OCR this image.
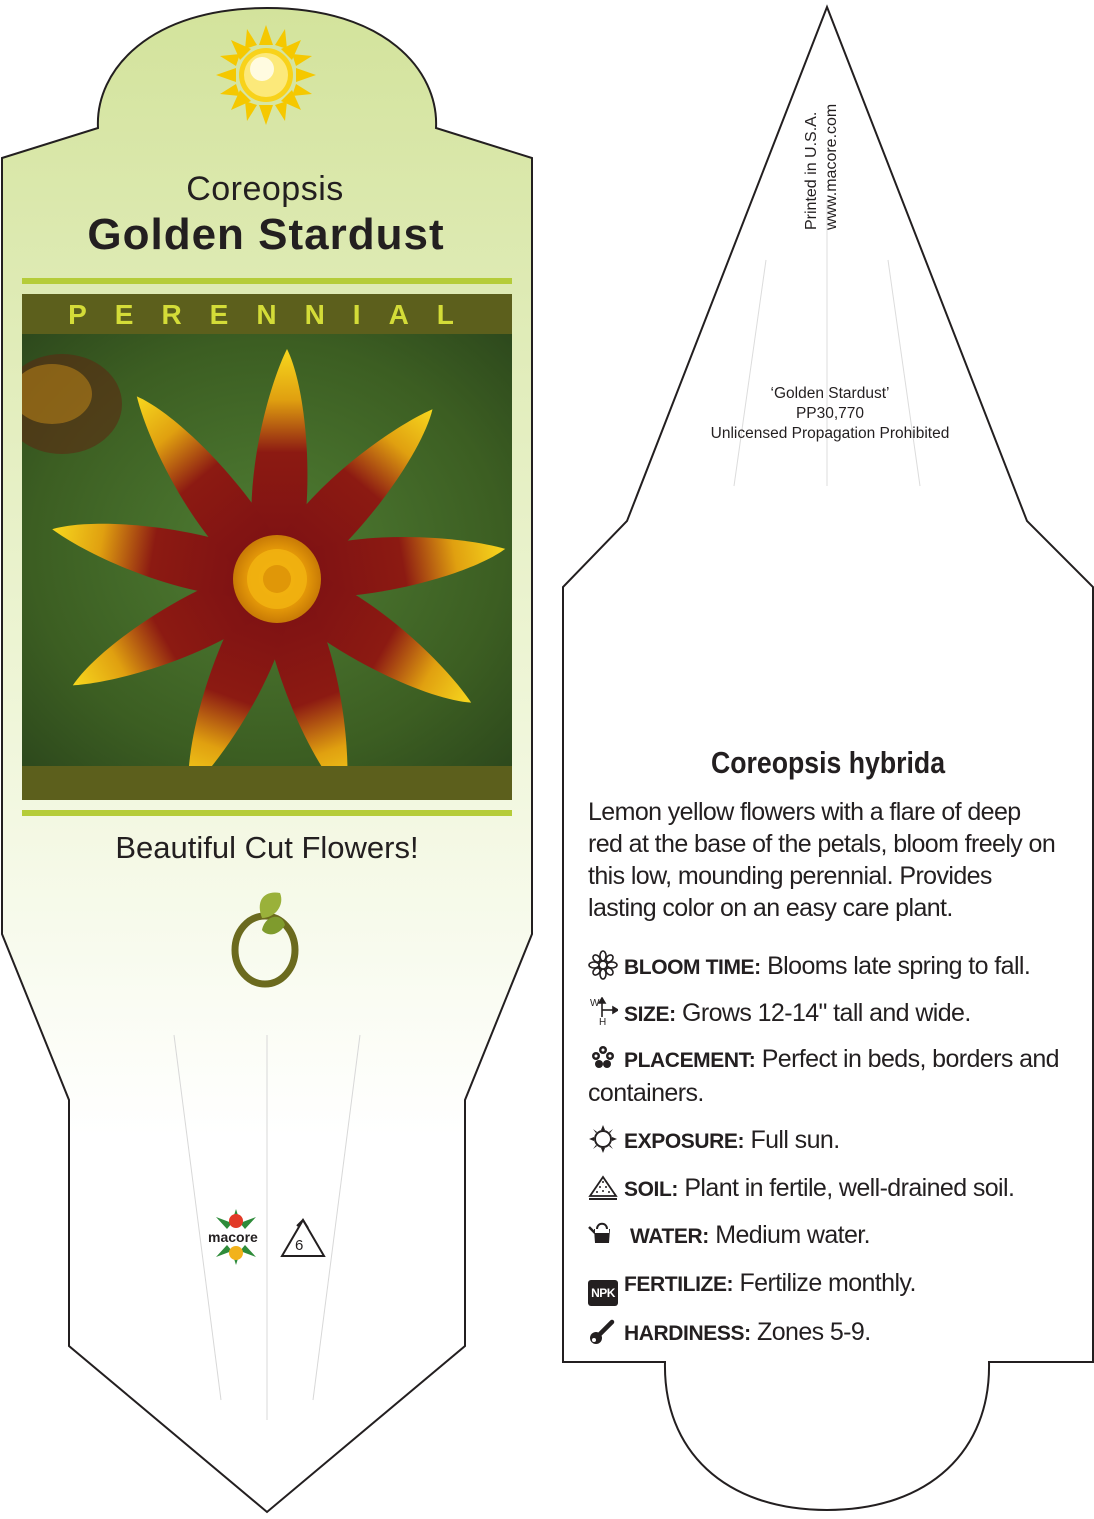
Coreopsis
Golden Stardust
PERENNIAL
Beautiful Cut Flowers!
macore 6
Printed in U.S.A. www.macore.com
‘Golden Stardust’
PP30,770
Unlicensed Propagation Prohibited
Coreopsis hybrida
Lemon yellow flowers with a flare of deep red at the base of the petals, bloom freely on this low, mounding perennial. Provides lasting color on an easy care plant.
BLOOM TIME: Blooms late spring to fall.
W
H SIZE: Grows 12-14" tall and wide.
PLACEMENT: Perfect in beds, borders and containers.
EXPOSURE: Full sun.
SOIL: Plant in fertile, well-drained soil.
WATER: Medium water.
NPK FERTILIZE: Fertilize monthly.
HARDINESS: Zones 5-9.
